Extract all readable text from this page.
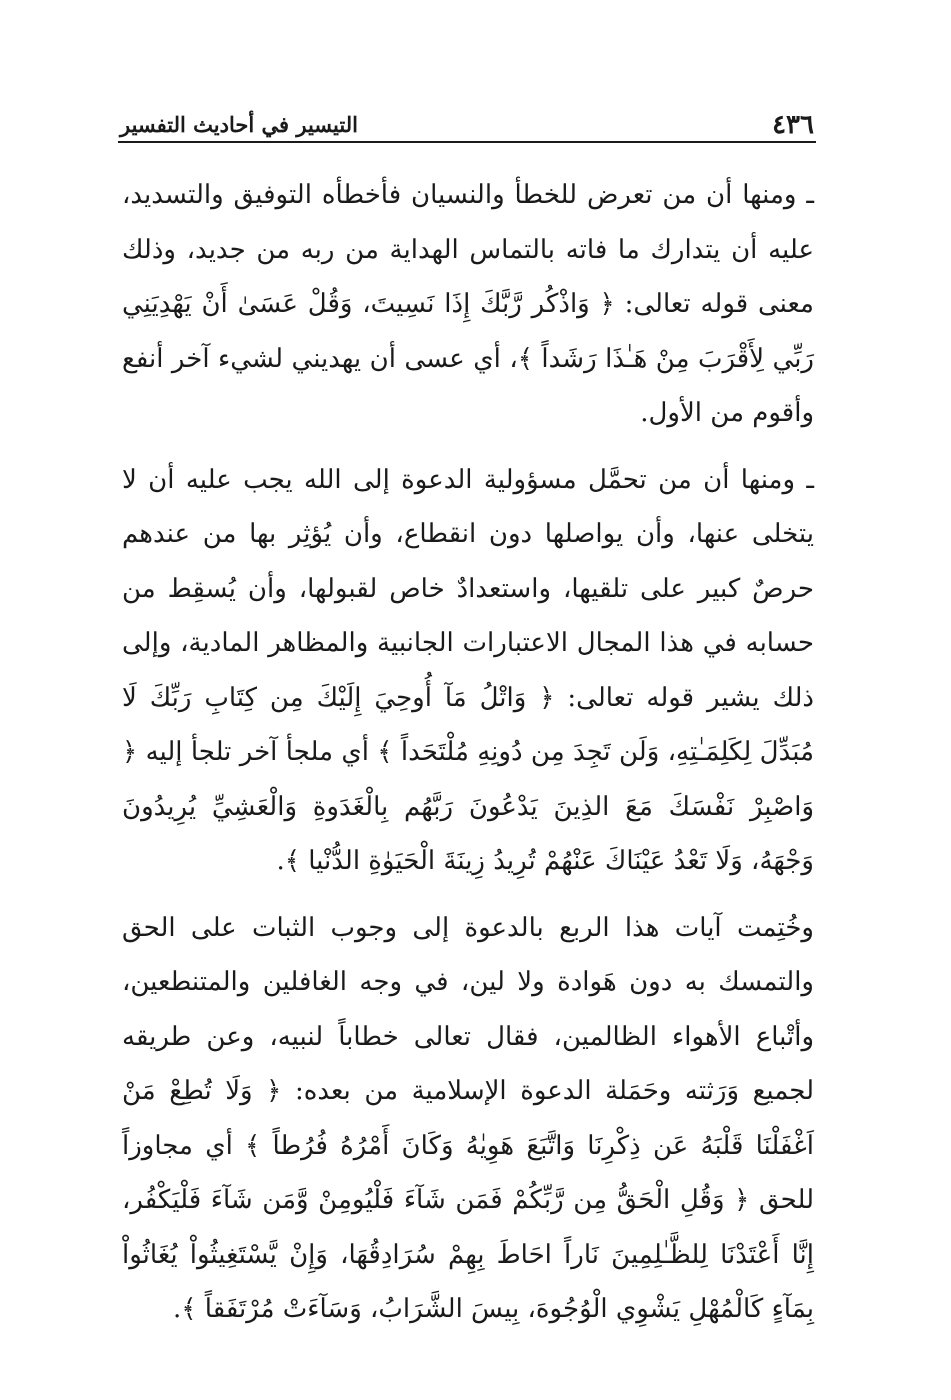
٤٣٦
التيسير في أحاديث التفسير

ـ ومنها أن من تعرض للخطأ والنسيان فأخطأه التوفيق والتسديد، عليه أن يتدارك ما فاته بالتماس الهداية من ربه من جديد، وذلك معنى قوله تعالى: ﴿ وَاذْكُر رَّبَّكَ إِذَا نَسِيتَ، وَقُلْ عَسَىٰ أَنْ يَهْدِيَنِي رَبِّي لِأَقْرَبَ مِنْ هَـٰذَا رَشَداً ﴾، أي عسى أن يهديني لشيء آخر أنفع وأقوم من الأول.

ـ ومنها أن من تحمَّل مسؤولية الدعوة إلى الله يجب عليه أن لا يتخلى عنها، وأن يواصلها دون انقطاع، وأن يُؤثِر بها من عندهم حرصٌ كبير على تلقيها، واستعدادٌ خاص لقبولها، وأن يُسقِط من حسابه في هذا المجال الاعتبارات الجانبية والمظاهر المادية، وإلى ذلك يشير قوله تعالى: ﴿ وَاتْلُ مَآ أُوحِيَ إِلَيْكَ مِن كِتَابِ رَبِّكَ لَا مُبَدِّلَ لِكَلِمَـٰتِهِ، وَلَن تَجِدَ مِن دُونِهِ مُلْتَحَداً ﴾ أي ملجأ آخر تلجأ إليه ﴿ وَاصْبِرْ نَفْسَكَ مَعَ الذِينَ يَدْعُونَ رَبَّهُم بِالْغَدَوةِ وَالْعَشِيِّ يُرِيدُونَ وَجْهَهُ، وَلَا تَعْدُ عَيْنَاكَ عَنْهُمْ تُرِيدُ زِينَةَ الْحَيَوٰةِ الدُّنْيا ﴾.

وخُتِمت آيات هذا الربع بالدعوة إلى وجوب الثبات على الحق والتمسك به دون هَوادة ولا لين، في وجه الغافلين والمتنطعين، وأتْباع الأهواء الظالمين، فقال تعالى خطاباً لنبيه، وعن طريقه لجميع وَرَثته وحَمَلة الدعوة الإسلامية من بعده: ﴿ وَلَا تُطِعْ مَنْ اَغْفَلْنَا قَلْبَهُ عَن ذِكْرِنَا وَاتَّبَعَ هَوِيٰهُ وَكَانَ أَمْرُهُ فُرُطاً ﴾ أي مجاوزاً للحق ﴿ وَقُلِ الْحَقُّ مِن رَّبِّكُمْ فَمَن شَآءَ فَلْيُومِنْ وَّمَن شَآءَ فَلْيَكْفُر، إِنَّا أَعْتَدْنَا لِلظَّـٰلِمِينَ نَاراً احَاطَ بِهِمْ سُرَادِقُهَا، وَإِنْ يَّسْتَغِيثُواْ يُغَاثُواْ بِمَآءٍ كَالْمُهْلِ يَشْوِي الْوُجُوهَ، بِيسَ الشَّرَابُ، وَسَآءَتْ مُرْتَفَقاً ﴾.
